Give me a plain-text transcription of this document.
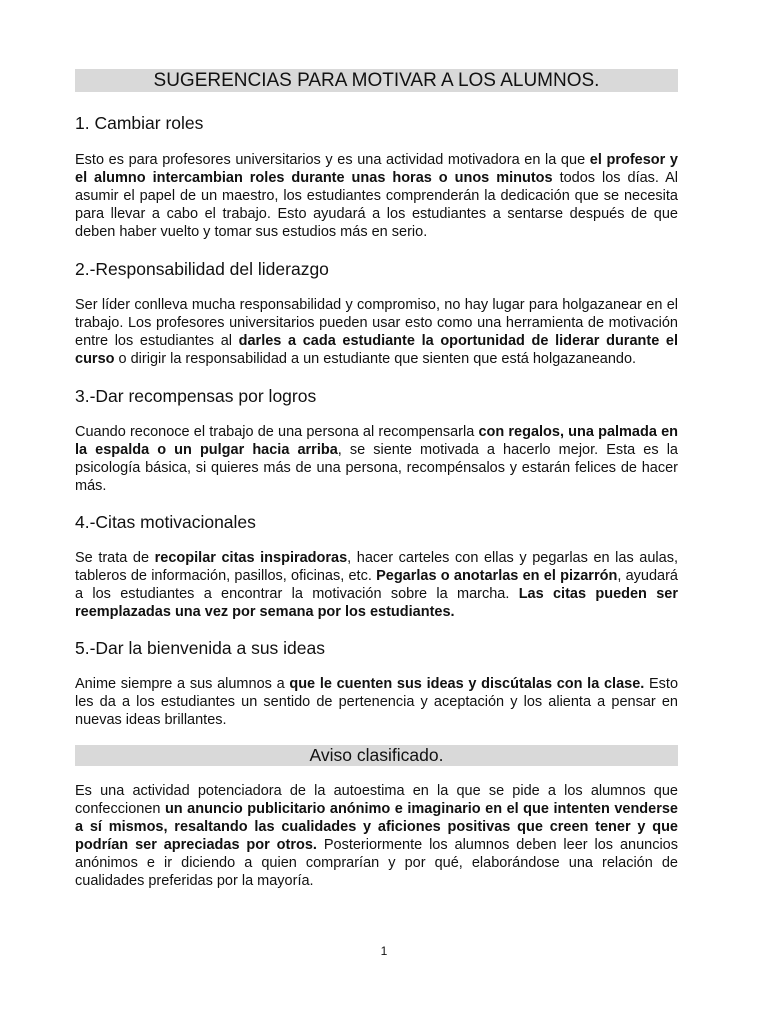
SUGERENCIAS PARA MOTIVAR A LOS ALUMNOS.
1. Cambiar roles

Esto es para profesores universitarios y es una actividad motivadora en la que el profesor y el alumno intercambian roles durante unas horas o unos minutos todos los días. Al asumir el papel de un maestro, los estudiantes comprenderán la dedicación que se necesita para llevar a cabo el trabajo. Esto ayudará a los estudiantes a sentarse después de que deben haber vuelto y tomar sus estudios más en serio.

2.-Responsabilidad del liderazgo

Ser líder conlleva mucha responsabilidad y compromiso, no hay lugar para holgazanear en el trabajo. Los profesores universitarios pueden usar esto como una herramienta de motivación entre los estudiantes al darles a cada estudiante la oportunidad de liderar durante el curso o dirigir la responsabilidad a un estudiante que sienten que está holgazaneando.

3.-Dar recompensas por logros

Cuando reconoce el trabajo de una persona al recompensarla con regalos, una palmada en la espalda o un pulgar hacia arriba, se siente motivada a hacerlo mejor. Esta es la psicología básica, si quieres más de una persona, recompénsalos y estarán felices de hacer más.

4.-Citas motivacionales

Se trata de recopilar citas inspiradoras, hacer carteles con ellas y pegarlas en las aulas, tableros de información, pasillos, oficinas, etc. Pegarlas o anotarlas en el pizarrón, ayudará a los estudiantes a encontrar la motivación sobre la marcha. Las citas pueden ser reemplazadas una vez por semana por los estudiantes.

5.-Dar la bienvenida a sus ideas

Anime siempre a sus alumnos a que le cuenten sus ideas y discútalas con la clase. Esto les da a los estudiantes un sentido de pertenencia y aceptación y los alienta a pensar en nuevas ideas brillantes.

Aviso clasificado.

Es una actividad potenciadora de la autoestima en la que se pide a los alumnos que confeccionen un anuncio publicitario anónimo e imaginario en el que intenten venderse a sí mismos, resaltando las cualidades y aficiones positivas que creen tener y que podrían ser apreciadas por otros. Posteriormente los alumnos deben leer los anuncios anónimos e ir diciendo a quien comprarían y por qué, elaborándose una relación de cualidades preferidas por la mayoría.

1
